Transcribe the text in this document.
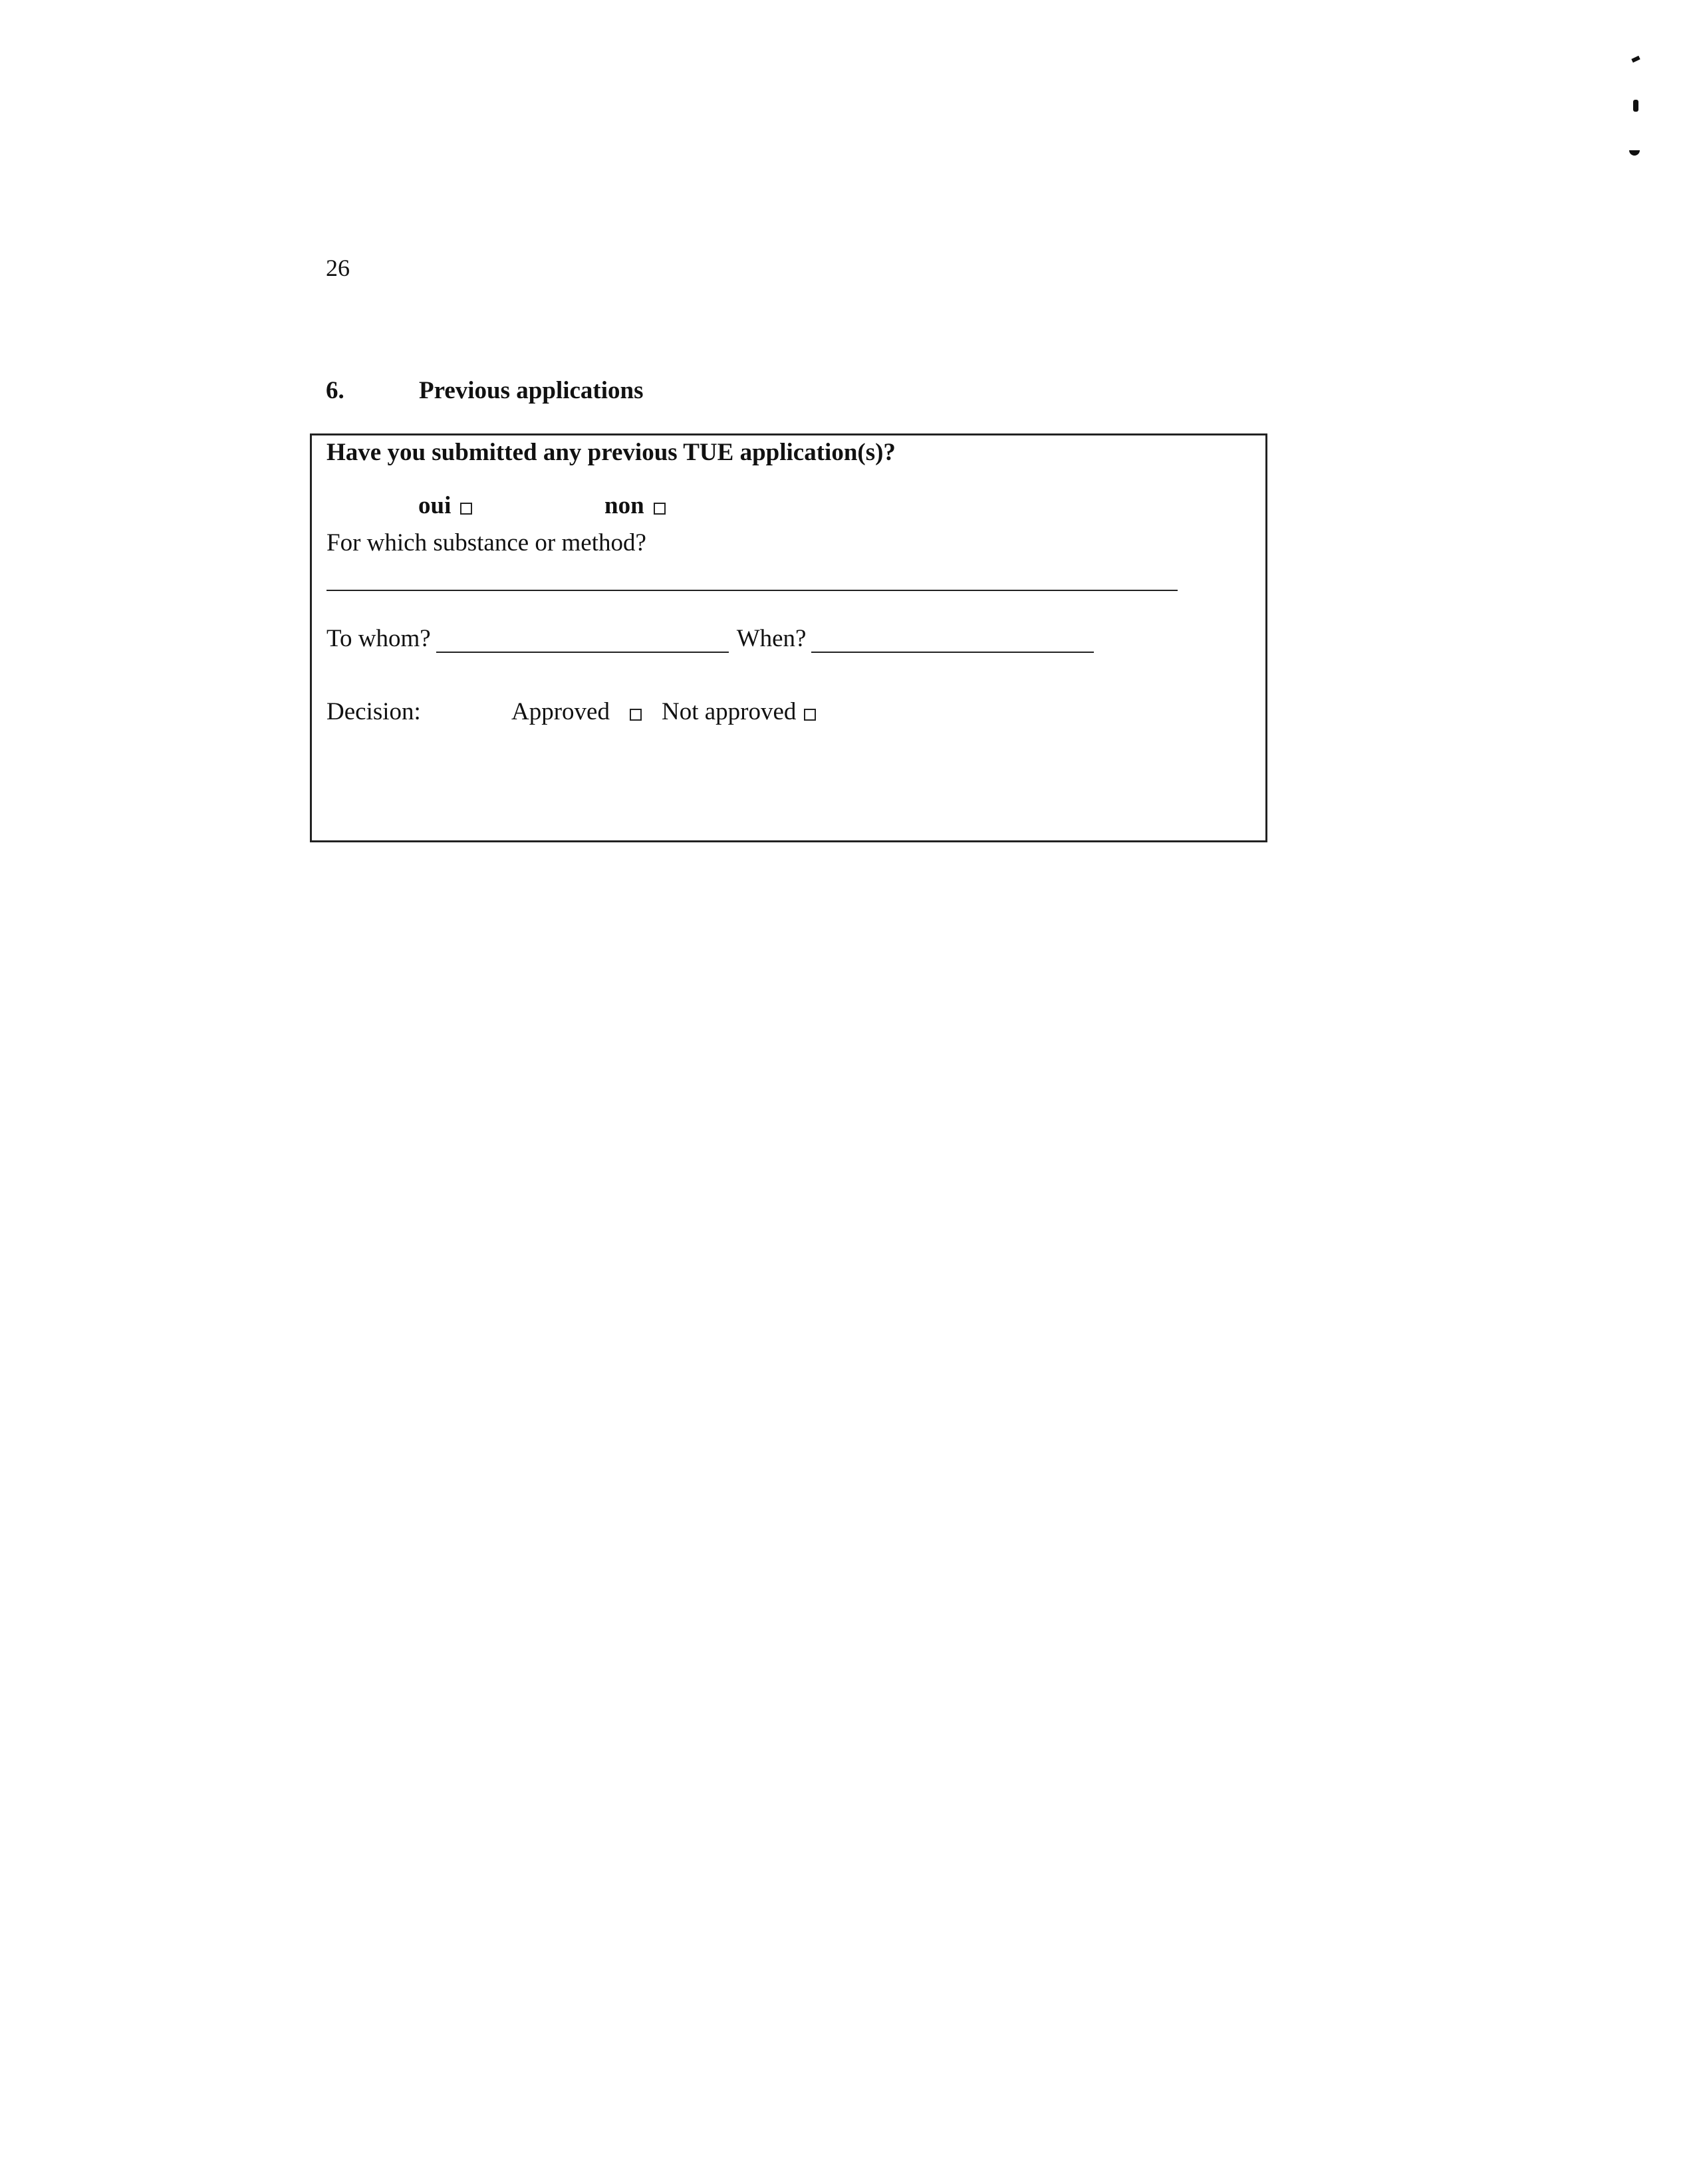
26
6.	Previous applications
Have you submitted any previous TUE application(s)?
oui	non
For which substance or method?
To whom?	When?
Decision:	Approved Not approved
